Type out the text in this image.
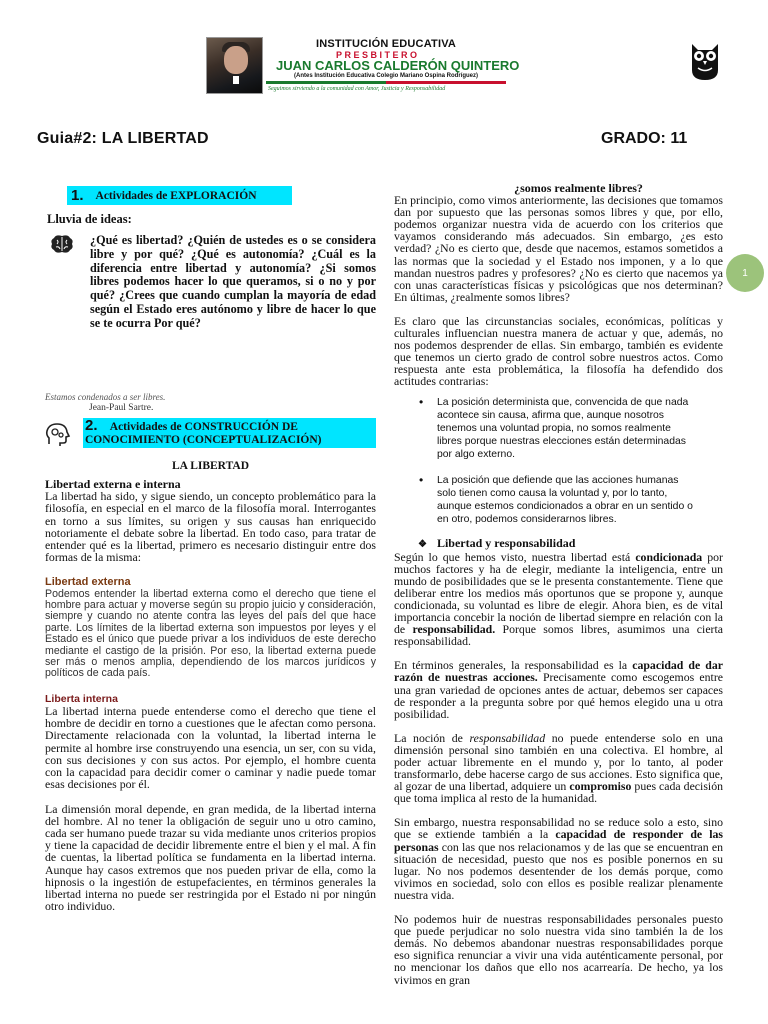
INSTITUCIÓN EDUCATIVA
PRESBITERO
JUAN CARLOS CALDERÓN QUINTERO
(Antes Institución Educativa Colegio Mariano Ospina Rodríguez)
Seguimos sirviendo a la comunidad con Amor, Justicia y Responsabilidad
Guia#2: LA LIBERTAD	GRADO: 11
1
1. Actividades de EXPLORACIÓN
Lluvia de ideas:
¿Qué es libertad? ¿Quién de ustedes es o se considera libre y por qué? ¿Qué es autonomía? ¿Cuál es la diferencia entre libertad y autonomía? ¿Si somos libres podemos hacer lo que queramos, si o no y por qué? ¿Crees que cuando cumplan la mayoría de edad según el Estado eres autónomo y libre de hacer lo que se te ocurra Por qué?
Estamos condenados a ser libres.
Jean-Paul Sartre.
2. Actividades de CONSTRUCCIÓN DE CONOCIMIENTO (CONCEPTUALIZACIÓN)
LA LIBERTAD
Libertad externa e interna

La libertad ha sido, y sigue siendo, un concepto problemático para la filosofía, en especial en el marco de la filosofía moral. Interrogantes en torno a sus límites, su origen y sus causas han enriquecido notoriamente el debate sobre la libertad. En todo caso, para tratar de entender qué es la libertad, primero es necesario distinguir entre dos formas de la misma:

Libertad externa

Podemos entender la libertad externa como el derecho que tiene el hombre para actuar y moverse según su propio juicio y consideración, siempre y cuando no atente contra las leyes del país del que hace parte. Los límites de la libertad externa son impuestos por leyes y el Estado es el único que puede privar a los individuos de este derecho mediante el castigo de la prisión. Por eso, la libertad externa puede ser más o menos amplia, dependiendo de los marcos jurídicos y políticos de cada país.

Liberta interna

La libertad interna puede entenderse como el derecho que tiene el hombre de decidir en torno a cuestiones que le afectan como persona. Directamente relacionada con la voluntad, la libertad interna le permite al hombre irse construyendo una esencia, un ser, con su vida, con sus decisiones y con sus actos. Por ejemplo, el hombre cuenta con la capacidad para decidir comer o caminar y nadie puede tomar esas decisiones por él.

La dimensión moral depende, en gran medida, de la libertad interna del hombre. Al no tener la obligación de seguir uno u otro camino, cada ser humano puede trazar su vida mediante unos criterios propios y tiene la capacidad de decidir libremente entre el bien y el mal. A fin de cuentas, la libertad política se fundamenta en la libertad interna. Aunque hay casos extremos que nos pueden privar de ella, como la hipnosis o la ingestión de estupefacientes, en términos generales la libertad interna no puede ser restringida por el Estado ni por ningún otro individuo.

¿somos realmente libres?

En principio, como vimos anteriormente, las decisiones que tomamos dan por supuesto que las personas somos libres y que, por ello, podemos organizar nuestra vida de acuerdo con los criterios que vayamos considerando más adecuados. Sin embargo, ¿es esto verdad? ¿No es cierto que, desde que nacemos, estamos sometidos a las normas que la sociedad y el Estado nos imponen, y a lo que mandan nuestros padres y profesores? ¿No es cierto que nacemos ya con unas características físicas y psicológicas que nos determinan? En últimas, ¿realmente somos libres?

Es claro que las circunstancias sociales, económicas, políticas y culturales influencian nuestra manera de actuar y que, además, no nos podemos desprender de ellas. Sin embargo, también es evidente que tenemos un cierto grado de control sobre nuestros actos. Como respuesta ante esta problemática, la filosofía ha defendido dos actitudes contrarias:

• La posición determinista que, convencida de que nada acontece sin causa, afirma que, aunque nosotros tenemos una voluntad propia, no somos realmente libres porque nuestras elecciones están determinadas por algo externo.
• La posición que defiende que las acciones humanas solo tienen como causa la voluntad y, por lo tanto, aunque estemos condicionados a obrar en un sentido o en otro, podemos considerarnos libres.
❖ Libertad y responsabilidad

Según lo que hemos visto, nuestra libertad está condicionada por muchos factores y ha de elegir, mediante la inteligencia, entre un mundo de posibilidades que se le presenta constantemente. Tiene que deliberar entre los medios más oportunos que se propone y, aunque condicionada, su voluntad es libre de elegir. Ahora bien, es de vital importancia concebir la noción de libertad siempre en relación con la de responsabilidad. Porque somos libres, asumimos una cierta responsabilidad.

En términos generales, la responsabilidad es la capacidad de dar razón de nuestras acciones. Precisamente como escogemos entre una gran variedad de opciones antes de actuar, debemos ser capaces de responder a la pregunta sobre por qué hemos elegido una u otra posibilidad.

La noción de responsabilidad no puede entenderse solo en una dimensión personal sino también en una colectiva. El hombre, al poder actuar libremente en el mundo y, por lo tanto, al poder transformarlo, debe hacerse cargo de sus acciones. Esto significa que, al gozar de una libertad, adquiere un compromiso pues cada decisión que toma implica al resto de la humanidad.

Sin embargo, nuestra responsabilidad no se reduce solo a esto, sino que se extiende también a la capacidad de responder de las personas con las que nos relacionamos y de las que se encuentran en situación de necesidad, puesto que nos es posible ponernos en su lugar. No nos podemos desentender de los demás porque, como vivimos en sociedad, solo con ellos es posible realizar plenamente nuestra vida.

No podemos huir de nuestras responsabilidades personales puesto que puede perjudicar no solo nuestra vida sino también la de los demás. No debemos abandonar nuestras responsabilidades porque eso significa renunciar a vivir una vida auténticamente personal, por no mencionar los daños que ello nos acarrearía. De hecho, ya los vivimos en gran
